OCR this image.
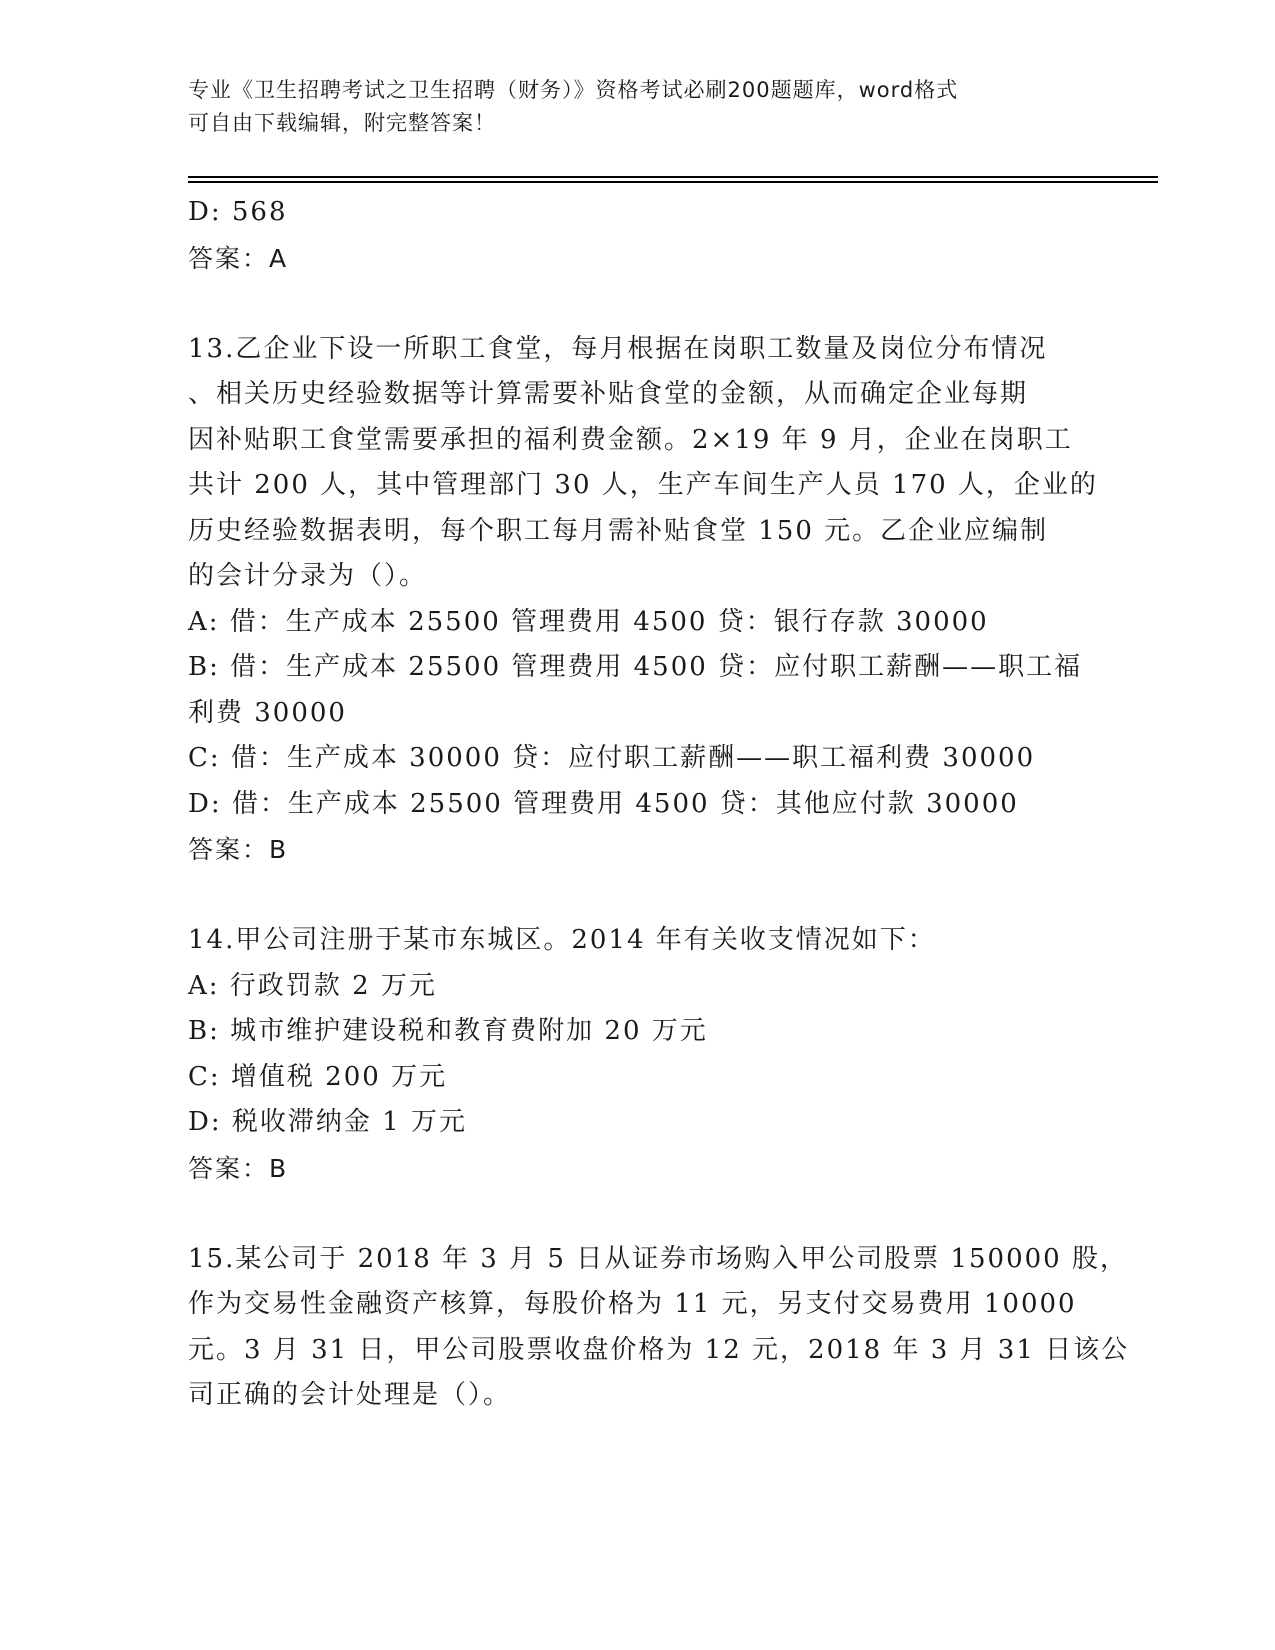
专业《卫生招聘考试之卫生招聘（财务）》资格考试必刷200题题库，word格式
可自由下载编辑，附完整答案！
D: 568
答案：A
13.乙企业下设一所职工食堂，每月根据在岗职工数量及岗位分布情况
、相关历史经验数据等计算需要补贴食堂的金额，从而确定企业每期
因补贴职工食堂需要承担的福利费金额。2×19 年 9 月，企业在岗职工
共计 200 人，其中管理部门 30 人，生产车间生产人员 170 人，企业的
历史经验数据表明，每个职工每月需补贴食堂 150 元。乙企业应编制
的会计分录为（）。
A: 借：生产成本 25500 管理费用 4500 贷：银行存款 30000
B: 借：生产成本 25500 管理费用 4500 贷：应付职工薪酬——职工福
利费 30000
C: 借：生产成本 30000 贷：应付职工薪酬——职工福利费 30000
D: 借：生产成本 25500 管理费用 4500 贷：其他应付款 30000
答案：B
14.甲公司注册于某市东城区。2014 年有关收支情况如下：
A: 行政罚款 2 万元
B: 城市维护建设税和教育费附加 20 万元
C: 增值税 200 万元
D: 税收滞纳金 1 万元
答案：B
15.某公司于 2018 年 3 月 5 日从证券市场购入甲公司股票 150000 股，
作为交易性金融资产核算，每股价格为 11 元，另支付交易费用 10000
元。3 月 31 日，甲公司股票收盘价格为 12 元，2018 年 3 月 31 日该公
司正确的会计处理是（）。
